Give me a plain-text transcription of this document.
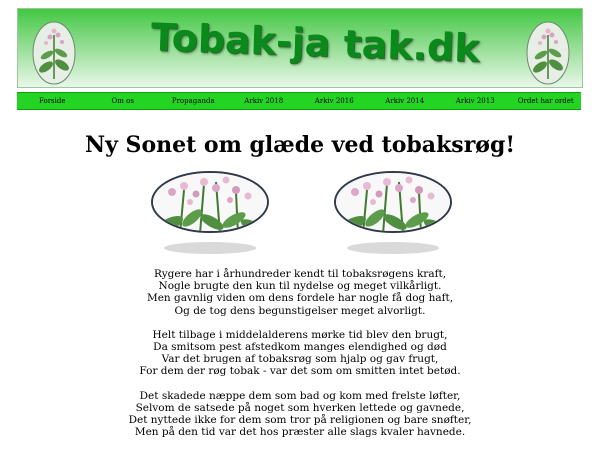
Tobak-ja tak.dk
Forside	Om os	Propaganda	Arkiv 2018	Arkiv 2016	Arkiv 2014	Arkiv 2013	Ordet har ordet
Ny Sonet om glæde ved tobaksrøg!
Rygere har i århundreder kendt til tobaksrøgens kraft,
Nogle brugte den kun til nydelse og meget vilkårligt.
Men gavnlig viden om dens fordele har nogle få dog haft,
Og de tog dens begunstigelser meget alvorligt.
Helt tilbage i middelalderens mørke tid blev den brugt,
Da smitsom pest afstedkom manges elendighed og død
Var det brugen af tobaksrøg som hjalp og gav frugt,
For dem der røg tobak - var det som om smitten intet betød.
Det skadede næppe dem som bad og kom med frelste løfter,
Selvom de satsede på noget som hverken lettede og gavnede,
Det nyttede ikke for dem som tror på religionen og bare snøfter,
Men på den tid var det hos præster alle slags kvaler havnede.
